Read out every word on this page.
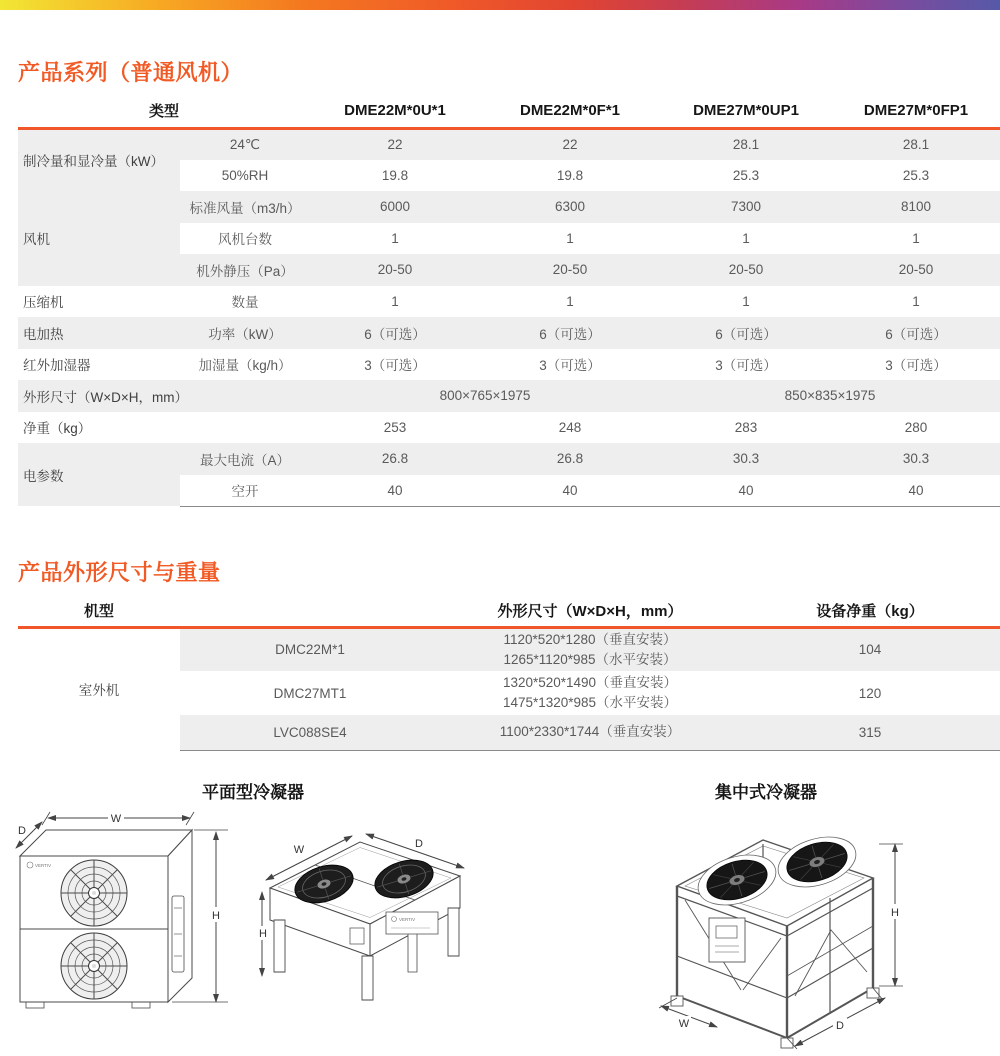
产品系列（普通风机）
类型		DME22M*0U*1	DME22M*0F*1	DME27M*0UP1	DME27M*0FP1
制冷量和显冷量（kW）	24℃	22	22	28.1	28.1
	50%RH	19.8	19.8	25.3	25.3
风机	标准风量（m3/h）	6000	6300	7300	8100
	风机台数	1	1	1	1
	机外静压（Pa）	20-50	20-50	20-50	20-50
压缩机	数量	1	1	1	1
电加热	功率（kW）	6（可选）	6（可选）	6（可选）	6（可选）
红外加湿器	加湿量（kg/h）	3（可选）	3（可选）	3（可选）	3（可选）
外形尺寸（W×D×H，mm）		800×765×1975		850×835×1975	
净重（kg）		253	248	283	280
电参数	最大电流（A）	26.8	26.8	30.3	30.3
	空开	40	40	40	40
产品外形尺寸与重量
机型		外形尺寸（W×D×H，mm）	设备净重（kg）
室外机	DMC22M*1	1120*520*1280（垂直安装）
1265*1120*985（水平安装）	104
	DMC27MT1	1320*520*1490（垂直安装）
1475*1320*985（水平安装）	120
	LVC088SE4	1100*2330*1744（垂直安装）	315
平面型冷凝器	集中式冷凝器
VERTIV
W
D
H	VERTIV
W	D
H
H
D
W
